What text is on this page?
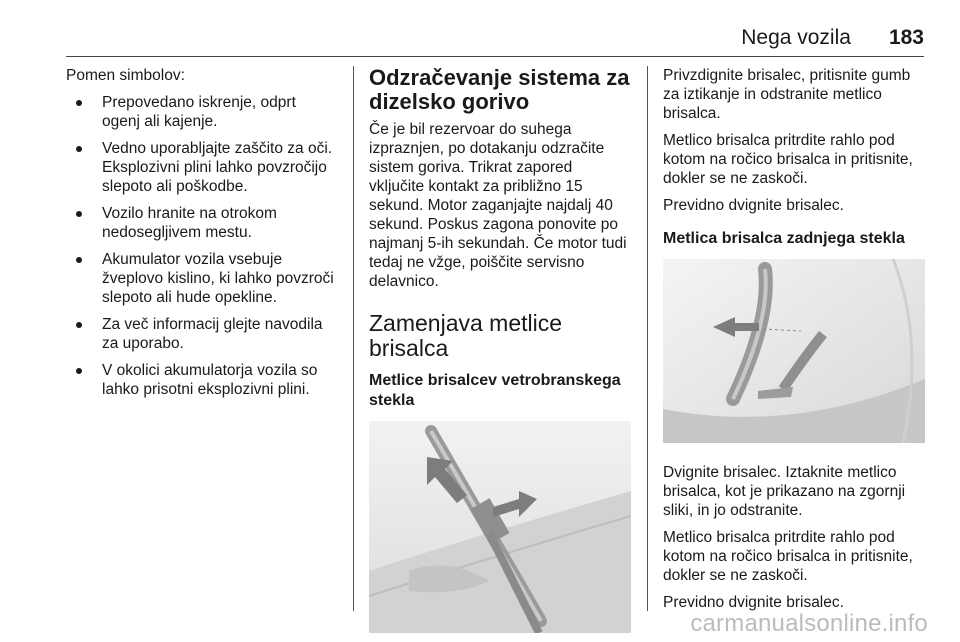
Nega vozila 183

Pomen simbolov:

Prepovedano iskrenje, odprt ogenj ali kajenje.
Vedno uporabljajte zaščito za oči. Eksplozivni plini lahko povzročijo slepoto ali poškodbe.
Vozilo hranite na otrokom nedosegljivem mestu.
Akumulator vozila vsebuje žveplovo kislino, ki lahko povzroči slepoto ali hude opekline.
Za več informacij glejte navodila za uporabo.
V okolici akumulatorja vozila so lahko prisotni eksplozivni plini.
Odzračevanje sistema za dizelsko gorivo

Če je bil rezervoar do suhega izpraznjen, po dotakanju odzračite sistem goriva. Trikrat zapored vključite kontakt za približno 15 sekund. Motor zaganjajte najdalj 40 sekund. Poskus zagona ponovite po najmanj 5-ih sekundah. Če motor tudi tedaj ne vžge, poiščite servisno delavnico.

Zamenjava metlice brisalca
Metlice brisalcev vetrobranskega stekla

Privzdignite brisalec, pritisnite gumb za iztikanje in odstranite metlico brisalca.

Metlico brisalca pritrdite rahlo pod kotom na ročico brisalca in pritisnite, dokler se ne zaskoči.

Previdno dvignite brisalec.

Metlica brisalca zadnjega stekla

Dvignite brisalec. Iztaknite metlico brisalca, kot je prikazano na zgornji sliki, in jo odstranite.

Metlico brisalca pritrdite rahlo pod kotom na ročico brisalca in pritisnite, dokler se ne zaskoči.

Previdno dvignite brisalec.

carmanualsonline.info
